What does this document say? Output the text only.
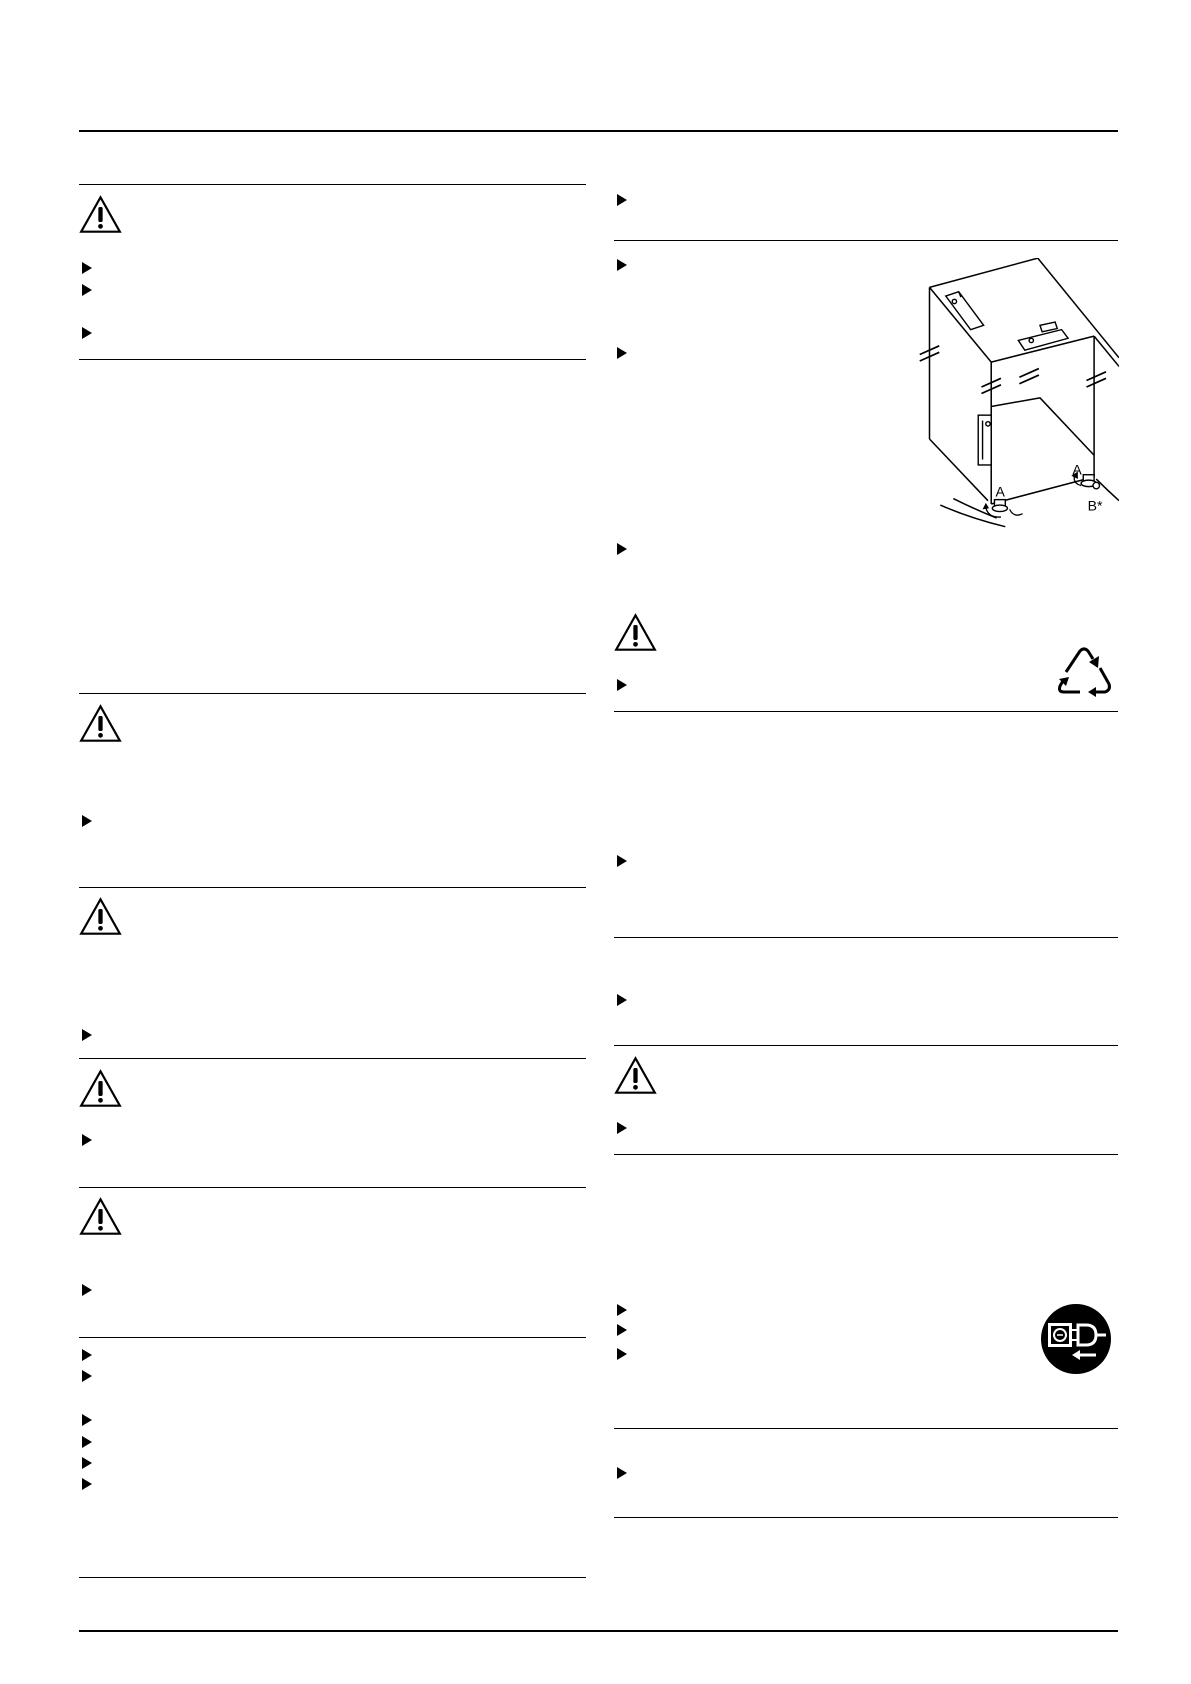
A
A
B*
